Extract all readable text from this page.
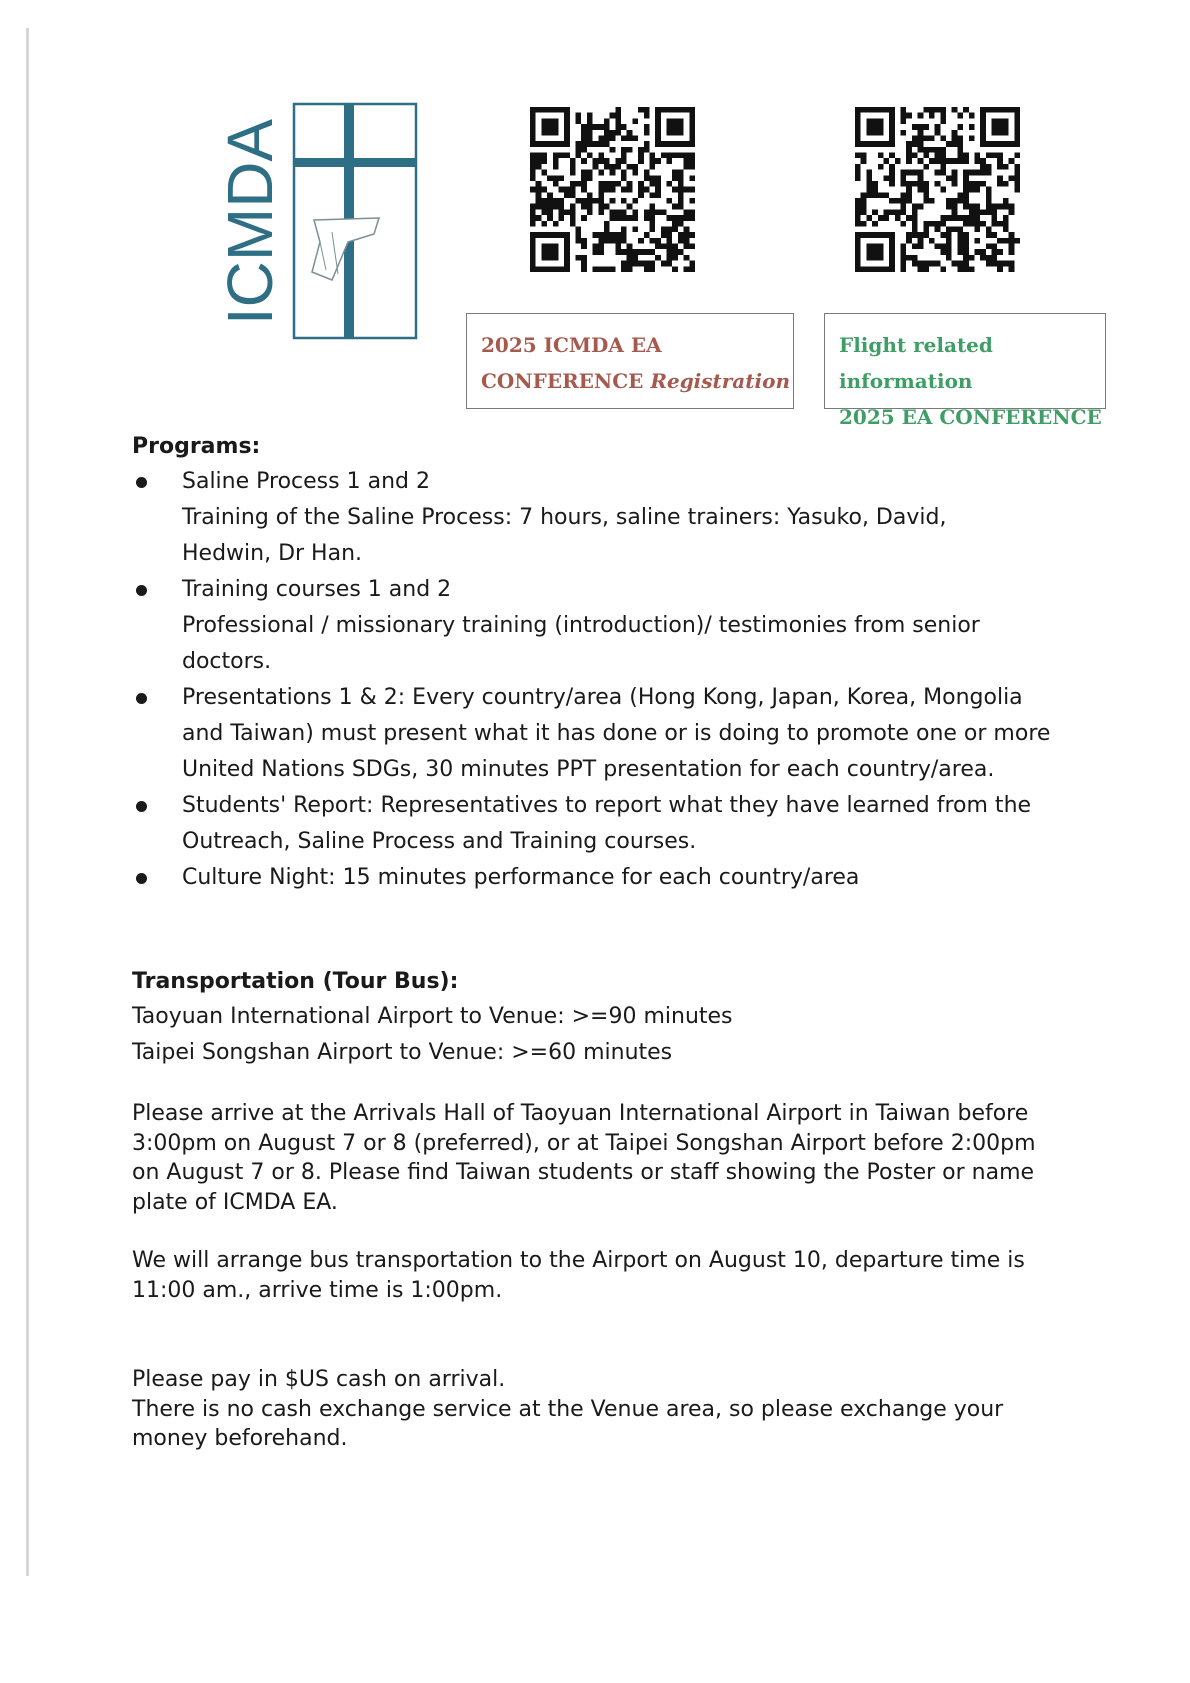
ICMDA
2025 ICMDA EA
CONFERENCE Registration
Flight related information
2025 EA CONFERENCE

Programs:

Saline Process 1 and 2
Training of the Saline Process: 7 hours, saline trainers: Yasuko, David,
Hedwin, Dr Han.
Training courses 1 and 2
Professional / missionary training (introduction)/ testimonies from senior
doctors.
Presentations 1 & 2: Every country/area (Hong Kong, Japan, Korea, Mongolia
and Taiwan) must present what it has done or is doing to promote one or more
United Nations SDGs, 30 minutes PPT presentation for each country/area.
Students' Report: Representatives to report what they have learned from the
Outreach, Saline Process and Training courses.
Culture Night: 15 minutes performance for each country/area

Transportation (Tour Bus):

Taoyuan International Airport to Venue: >=90 minutes
Taipei Songshan Airport to Venue: >=60 minutes
Please arrive at the Arrivals Hall of Taoyuan International Airport in Taiwan before
3:00pm on August 7 or 8 (preferred), or at Taipei Songshan Airport before 2:00pm
on August 7 or 8. Please find Taiwan students or staff showing the Poster or name
plate of ICMDA EA.
We will arrange bus transportation to the Airport on August 10, departure time is
11:00 am., arrive time is 1:00pm.
Please pay in $US cash on arrival.
There is no cash exchange service at the Venue area, so please exchange your
money beforehand.
